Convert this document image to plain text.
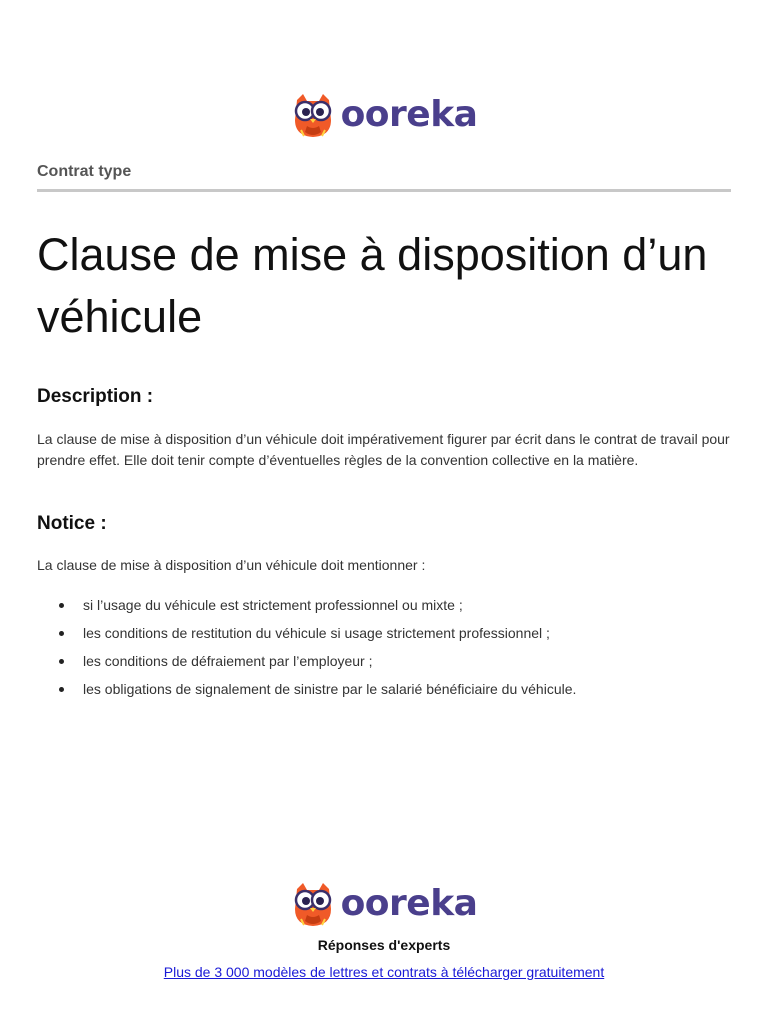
ooreka
Contrat type
Clause de mise à disposition d’un véhicule
Description :

La clause de mise à disposition d’un véhicule doit impérativement figurer par écrit dans le contrat de travail pour prendre effet. Elle doit tenir compte d’éventuelles règles de la convention collective en la matière.

Notice :

La clause de mise à disposition d’un véhicule doit mentionner :

si l’usage du véhicule est strictement professionnel ou mixte ;
les conditions de restitution du véhicule si usage strictement professionnel ;
les conditions de défraiement par l’employeur ;
les obligations de signalement de sinistre par le salarié bénéficiaire du véhicule.
ooreka
Réponses d'experts
Plus de 3 000 modèles de lettres et contrats à télécharger gratuitement
